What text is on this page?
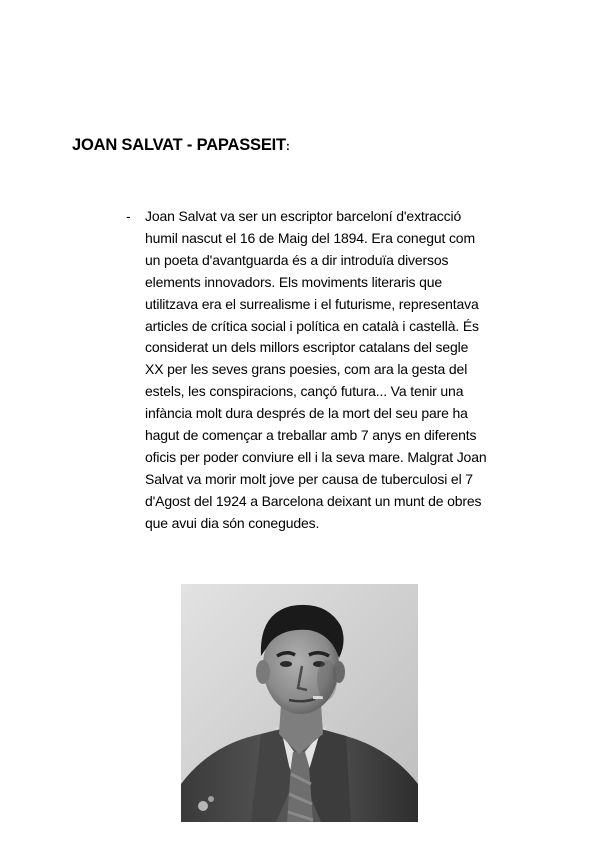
JOAN SALVAT - PAPASSEIT:
- Joan Salvat va ser un escriptor barceloní d'extracció
humil nascut el 16 de Maig del 1894. Era conegut com
un poeta d'avantguarda és a dir introduïa diversos
elements innovadors. Els moviments literaris que
utilitzava era el surrealisme i el futurisme, representava
articles de crítica social i política en català i castellà. És
considerat un dels millors escriptor catalans del segle
XX per les seves grans poesies, com ara la gesta del
estels, les conspiracions, cançó futura... Va tenir una
infància molt dura després de la mort del seu pare ha
hagut de començar a treballar amb 7 anys en diferents
oficis per poder conviure ell i la seva mare. Malgrat Joan
Salvat va morir molt jove per causa de tuberculosi el 7
d'Agost del 1924 a Barcelona deixant un munt de obres
que avui dia són conegudes.
